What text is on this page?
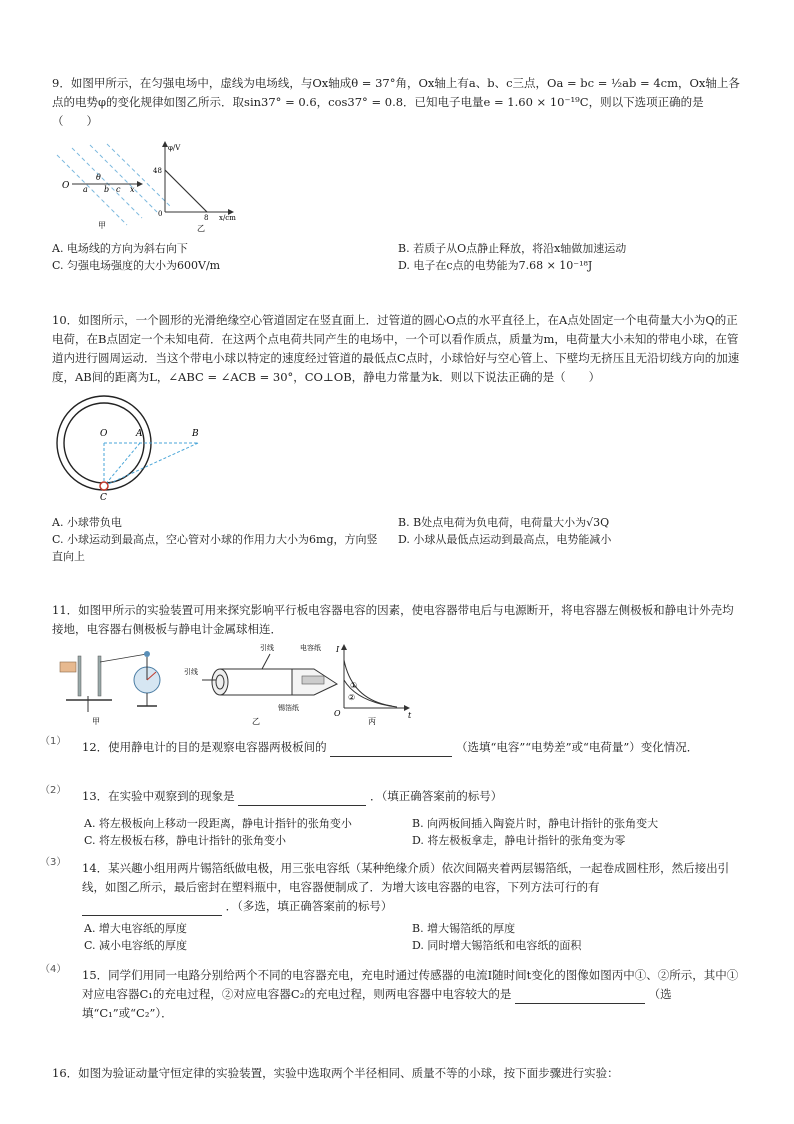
9．如图甲所示，在匀强电场中，虚线为电场线，与Ox轴成θ = 37°角，Ox轴上有a、b、c三点，Oa = bc = ½ab = 4cm，Ox轴上各点的电势φ的变化规律如图乙所示．取sin37° = 0.6，cos37° = 0.8．已知电子电量e = 1.60 × 10⁻¹⁹C，则以下选项正确的是（　　）
O a b c x
θ
甲
φ/V
48
0	8 x/cm
乙
A. 电场线的方向为斜右向下	B. 若质子从O点静止释放，将沿x轴做加速运动
C. 匀强电场强度的大小为600V/m	D. 电子在c点的电势能为7.68 × 10⁻¹⁸J
10．如图所示，一个圆形的光滑绝缘空心管道固定在竖直面上．过管道的圆心O点的水平直径上，在A点处固定一个电荷量大小为Q的正电荷，在B点固定一个未知电荷．在这两个点电荷共同产生的电场中，一个可以看作质点，质量为m，电荷量大小未知的带电小球，在管道内进行圆周运动．当这个带电小球以特定的速度经过管道的最低点C点时，小球恰好与空心管上、下壁均无挤压且无沿切线方向的加速度，AB间的距离为L，∠ABC = ∠ACB = 30°，CO⊥OB，静电力常量为k．则以下说法正确的是（　　）
O	A	B
C
A. 小球带负电	B. B处点电荷为负电荷，电荷量大小为√3Q
C. 小球运动到最高点，空心管对小球的作用力大小为6mg，方向竖直向上
D. 小球从最低点运动到最高点，电势能减小
11．如图甲所示的实验装置可用来探究影响平行板电容器电容的因素，使电容器带电后与电源断开，将电容器左侧极板和静电计外壳均接地，电容器右侧极板与静电计金属球相连．
甲
引线
引线	电容纸
锡箔纸
乙
I
t
O
①
②
丙
（1） 12．使用静电计的目的是观察电容器两极板间的	（选填“电容”“电势差”或“电荷量”）变化情况．
（2） 13．在实验中观察到的现象是	．（填正确答案前的标号）
A. 将左极板向上移动一段距离，静电计指针的张角变小	B. 向两板间插入陶瓷片时，静电计指针的张角变大
C. 将左极板右移，静电计指针的张角变小	D. 将左极板拿走，静电计指针的张角变为零
（3） 14．某兴趣小组用两片锡箔纸做电极，用三张电容纸（某种绝缘介质）依次间隔夹着两层锡箔纸，一起卷成圆柱形，然后接出引线，如图乙所示，最后密封在塑料瓶中，电容器便制成了．为增大该电容器的电容，下列方法可行的有  ．（多选，填正确答案前的标号）
A. 增大电容纸的厚度	B. 增大锡箔纸的厚度
C. 减小电容纸的厚度	D. 同时增大锡箔纸和电容纸的面积
（4） 15．同学们用同一电路分别给两个不同的电容器充电，充电时通过传感器的电流I随时间t变化的图像如图丙中①、②所示，其中①对应电容器C₁的充电过程，②对应电容器C₂的充电过程，则两电容器中电容较大的是	（选填“C₁”或“C₂”）．
16．如图为验证动量守恒定律的实验装置，实验中选取两个半径相同、质量不等的小球，按下面步骤进行实验：
